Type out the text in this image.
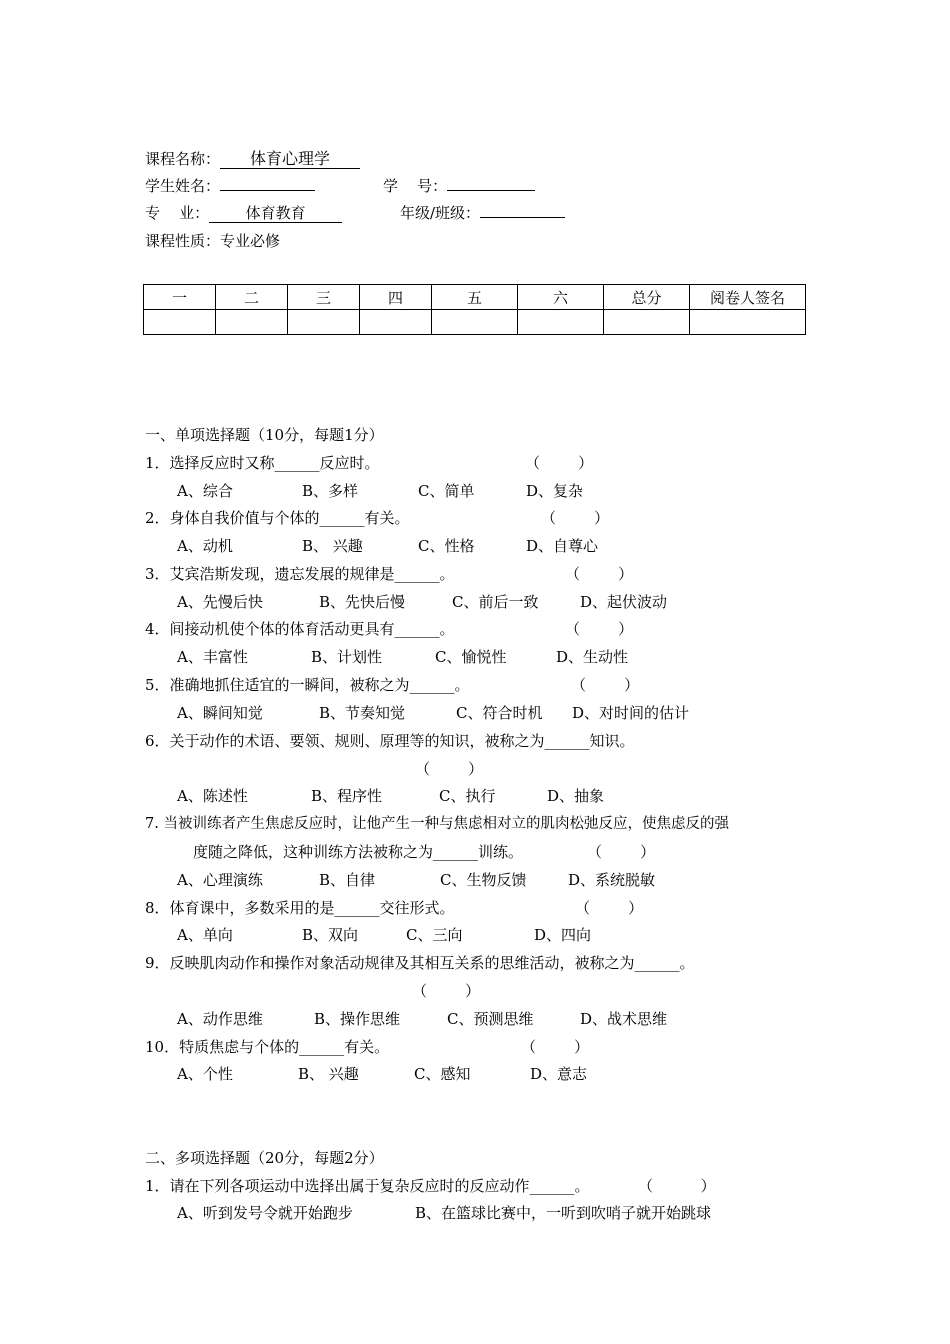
课程名称： 体育心理学
学生姓名：	学    号：
专    业： 体育教育	年级/班级：
课程性质：专业必修
一	二	三	四	五	六	总分	阅卷人签名

一、单项选择题（10分，每题1分）
1．选择反应时又称______反应时。	（        ）
A、综合	B、多样	C、简单	D、复杂
2．身体自我价值与个体的______有关。	（        ）
A、动机	B、 兴趣	C、性格	D、自尊心
3．艾宾浩斯发现，遗忘发展的规律是______。	（        ）
A、先慢后快	B、先快后慢	C、前后一致	D、起伏波动
4．间接动机使个体的体育活动更具有______。	（        ）
A、丰富性	B、计划性	C、愉悦性	D、生动性
5．准确地抓住适宜的一瞬间，被称之为______。	（        ）
A、瞬间知觉	B、节奏知觉	C、符合时机 D、对时间的估计
6．关于动作的术语、要领、规则、原理等的知识，被称之为______知识。
（        ）
A、陈述性	B、程序性	C、执行	D、抽象
7. 当被训练者产生焦虑反应时，让他产生一种与焦虑相对立的肌肉松弛反应，使焦虑反的强
度随之降低，这种训练方法被称之为______训练。	（        ）
A、心理演练	B、自律	C、生物反馈	D、系统脱敏
8．体育课中，多数采用的是______交往形式。	（        ）
A、单向	B、双向	C、三向	D、四向
9．反映肌肉动作和操作对象活动规律及其相互关系的思维活动，被称之为______。
（        ）
A、动作思维	B、操作思维	C、预测思维	D、战术思维
10．特质焦虑与个体的______有关。	（        ）
A、个性	B、 兴趣	C、感知	D、意志
二、多项选择题（20分，每题2分）
1．请在下列各项运动中选择出属于复杂反应时的反应动作______。	（          ）
A、听到发号令就开始跑步	B、在篮球比赛中，一听到吹哨子就开始跳球
